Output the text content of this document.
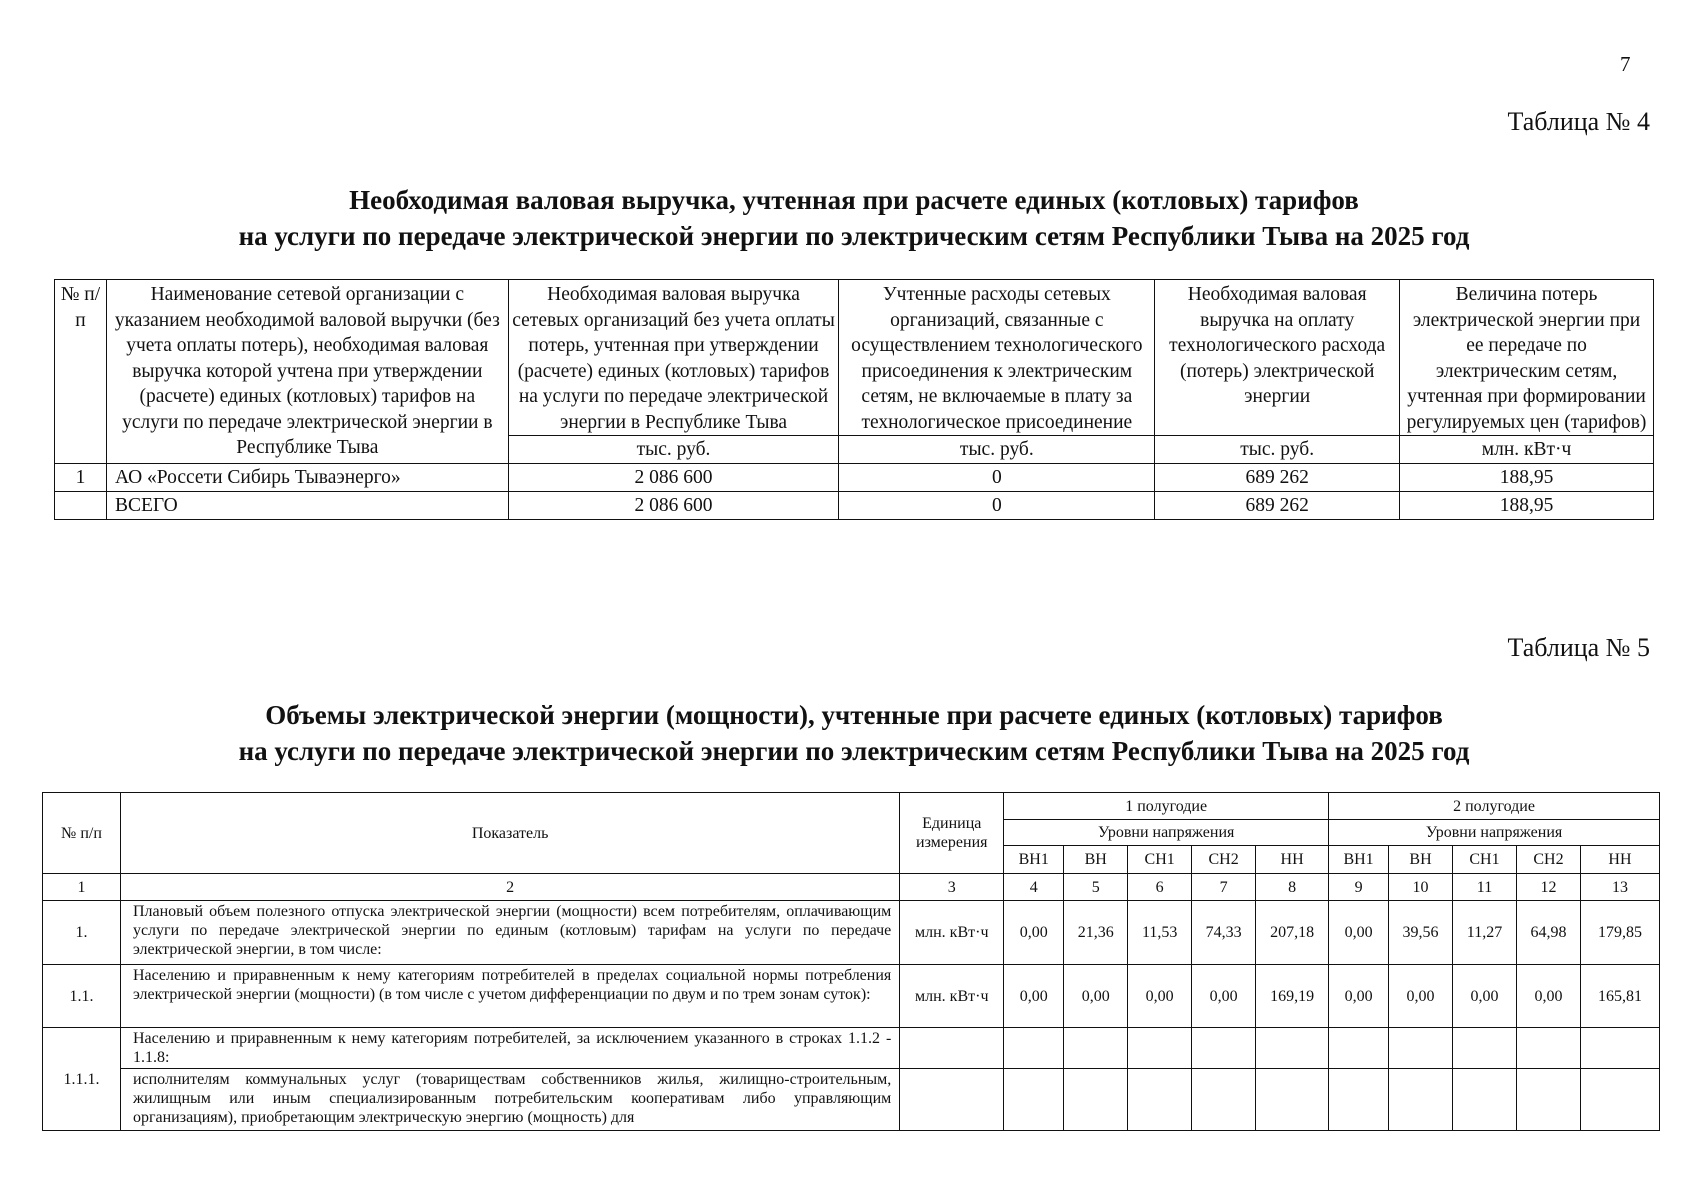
7
Таблица № 4
Необходимая валовая выручка, учтенная при расчете единых (котловых) тарифов
на услуги по передаче электрической энергии по электрическим сетям Республики Тыва на 2025 год
№ п/п	Наименование сетевой организации с указанием необходимой валовой выручки (без учета оплаты потерь), необходимая валовая выручка которой учтена при утверждении (расчете) единых (котловых) тарифов на услуги по передаче электрической энергии в Республике Тыва	Необходимая валовая выручка сетевых организаций без учета оплаты потерь, учтенная при утверждении (расчете) единых (котловых) тарифов на услуги по передаче электрической энергии в Республике Тыва	Учтенные расходы сетевых организаций, связанные с осуществлением технологического присоединения к электрическим сетям, не включаемые в плату за технологическое присоединение	Необходимая валовая выручка на оплату технологического расхода (потерь) электрической энергии	Величина потерь электрической энергии при ее передаче по электрическим сетям, учтенная при формировании регулируемых цен (тарифов)
		тыс. руб.	тыс. руб.	тыс. руб.	млн. кВт·ч
1	АО «Россети Сибирь Тываэнерго»	2 086 600	0	689 262	188,95
	ВСЕГО	2 086 600	0	689 262	188,95
Таблица № 5
Объемы электрической энергии (мощности), учтенные при расчете единых (котловых) тарифов
на услуги по передаче электрической энергии по электрическим сетям Республики Тыва на 2025 год
№ п/п	Показатель	Единица измерения	1 полугодие					2 полугодие				
			Уровни напряжения					Уровни напряжения				
			ВН1	ВН	СН1	СН2	НН	ВН1	ВН	СН1	СН2	НН
1	2	3	4	5	6	7	8	9	10	11	12	13
1.	Плановый объем полезного отпуска электрической энергии (мощности) всем потребителям, оплачивающим услуги по передаче электрической энергии по единым (котловым) тарифам на услуги по передаче электрической энергии, в том числе:	млн. кВт·ч	0,00	21,36	11,53	74,33	207,18	0,00	39,56	11,27	64,98	179,85
1.1.	Населению и приравненным к нему категориям потребителей в пределах социальной нормы потребления электрической энергии (мощности) (в том числе с учетом дифференциации по двум и по трем зонам суток):	млн. кВт·ч	0,00	0,00	0,00	0,00	169,19	0,00	0,00	0,00	0,00	165,81
1.1.1.	Населению и приравненным к нему категориям потребителей, за исключением указанного в строках 1.1.2 - 1.1.8:											
	исполнителям коммунальных услуг (товариществам собственников жилья, жилищно-строительным, жилищным или иным специализированным потребительским кооперативам либо управляющим организациям), приобретающим электрическую энергию (мощность) для											
